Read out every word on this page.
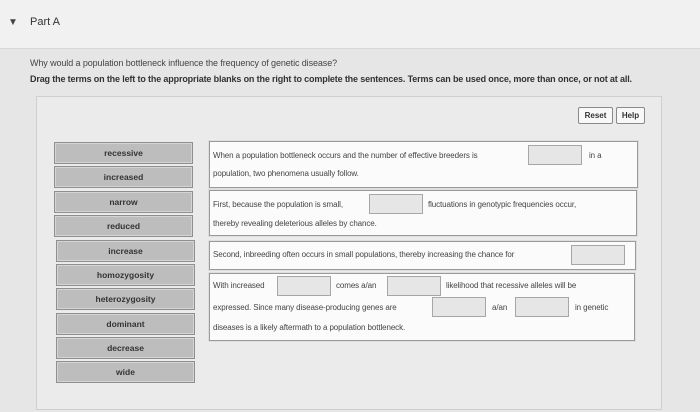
▼ Part A
Why would a population bottleneck influence the frequency of genetic disease?
Drag the terms on the left to the appropriate blanks on the right to complete the sentences. Terms can be used once, more than once, or not at all.
Reset	Help
recessive
increased
narrow
reduced
increase
homozygosity
heterozygosity
dominant
decrease
wide
When a population bottleneck occurs and the number of effective breeders is	in a
population, two phenomena usually follow.
First, because the population is small,	fluctuations in genotypic frequencies occur,
thereby revealing deleterious alleles by chance.
Second, inbreeding often occurs in small populations, thereby increasing the chance for
With increased	comes a/an	likelihood that recessive alleles will be
expressed. Since many disease-producing genes are	a/an	in genetic
diseases is a likely aftermath to a population bottleneck.
